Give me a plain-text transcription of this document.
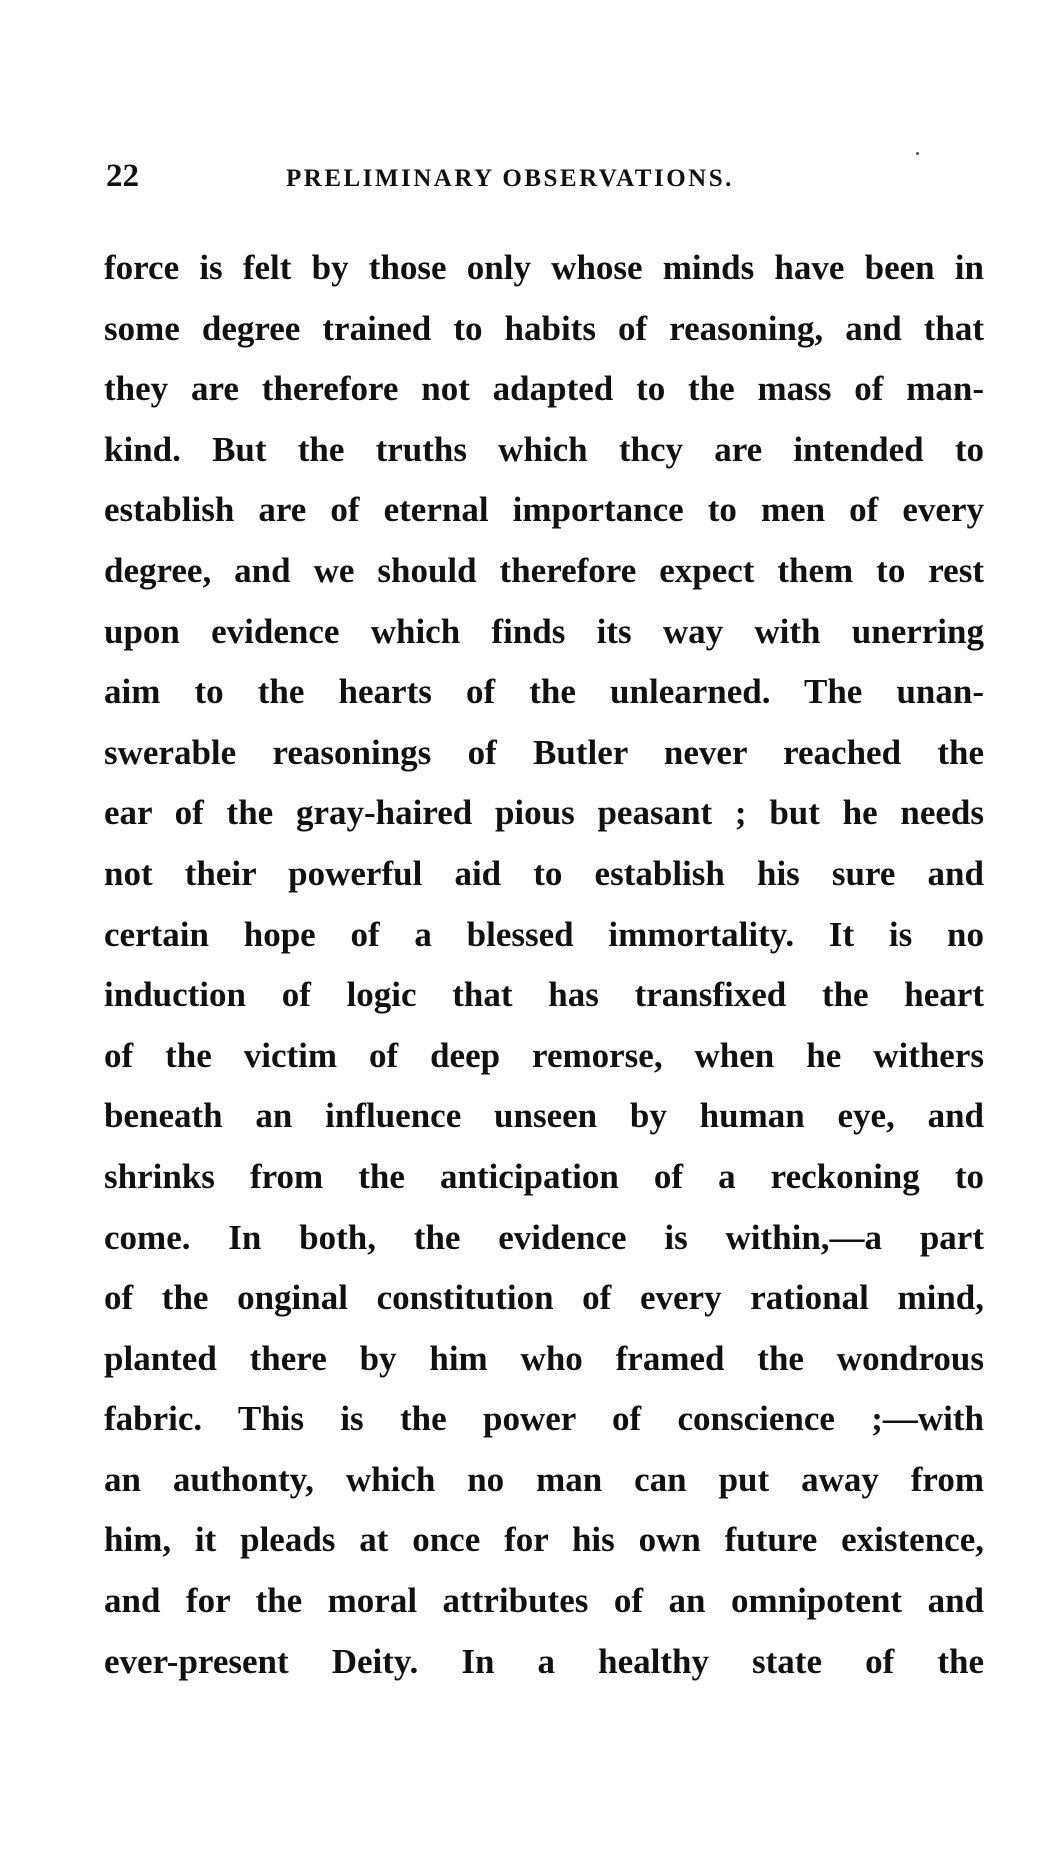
22	PRELIMINARY OBSERVATIONS.
force is felt by those only whose minds have been in
some degree trained to habits of reasoning, and that
they are therefore not adapted to the mass of man-
kind. But the truths which thcy are intended to
establish are of eternal importance to men of every
degree, and we should therefore expect them to rest
upon evidence which finds its way with unerring
aim to the hearts of the unlearned. The unan-
swerable reasonings of Butler never reached the
ear of the gray-haired pious peasant ; but he needs
not their powerful aid to establish his sure and
certain hope of a blessed immortality. It is no
induction of logic that has transfixed the heart
of the victim of deep remorse, when he withers
beneath an influence unseen by human eye, and
shrinks from the anticipation of a reckoning to
come. In both, the evidence is within,—a part
of the onginal constitution of every rational mind,
planted there by him who framed the wondrous
fabric. This is the power of conscience ;—with
an authonty, which no man can put away from
him, it pleads at once for his own future existence,
and for the moral attributes of an omnipotent and
ever-present Deity. In a healthy state of the
